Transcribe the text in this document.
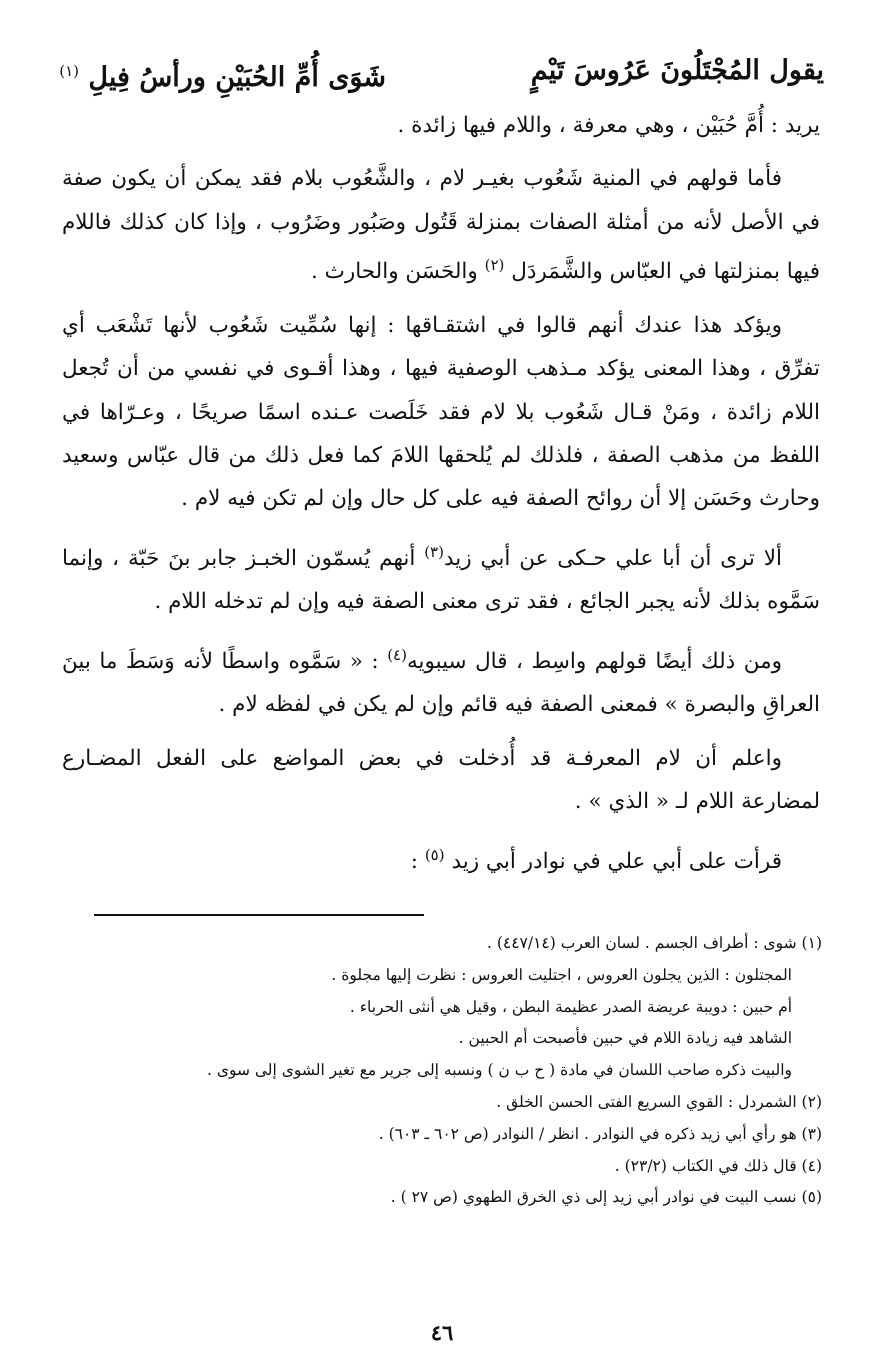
يقول المُجْتَلُونَ عَرُوسَ تَيْمٍ
شَوَى أُمِّ الحُبَيْنِ ورأسُ فِيلِ $^{(١)}$

يريد : أُمَّ حُبَيْن ، وهي معرفة ، واللام فيها زائدة .

فأما قولهم في المنية شَعُوب بغيـر لام ، والشَّعُوب بلام فقد يمكن أن يكون صفة في الأصل لأنه من أمثلة الصفات بمنزلة قَتُول وصَبُور وضَرُوب ، وإذا كان كذلك فاللام فيها بمنزلتها في العبّاس والشَّمَردَل $^{(٢)}$ والحَسَن والحارث .

ويؤكد هذا عندك أنهم قالوا في اشتقـاقها : إنها سُمِّيت شَعُوب لأنها تَشْعَب أي تفرِّق ، وهذا المعنى يؤكد مـذهب الوصفية فيها ، وهذا أقـوى في نفسي من أن تُجعل اللام زائدة ، ومَنْ قـال شَعُوب بلا لام فقد خَلَصت عـنده اسمًا صريحًا ، وعـرّاها في اللفظ من مذهب الصفة ، فلذلك لم يُلحقها اللامَ كما فعل ذلك من قال عبّاس وسعيد وحارث وحَسَن إلا أن روائح الصفة فيه على كل حال وإن لم تكن فيه لام .

ألا ترى أن أبا علي حـكى عن أبي زيد$^{(٣)}$ أنهم يُسمّون الخبـز جابر بنَ حَبّة ، وإنما سَمَّوه بذلك لأنه يجبر الجائع ، فقد ترى معنى الصفة فيه وإن لم تدخله اللام .

ومن ذلك أيضًا قولهم واسِط ، قال سيبويه$^{(٤)}$ : « سَمَّوه واسطًا لأنه وَسَطَ ما بينَ العراقِ والبصرة » فمعنى الصفة فيه قائم وإن لم يكن في لفظه لام .

واعلم أن لام المعرفـة قد أُدخلت في بعض المواضع على الفعل المضـارع لمضارعة اللام لـ « الذي » .

قرأت على أبي علي في نوادر أبي زيد $^{(٥)}$ :

(١) شوى : أطراف الجسم . لسان العرب (٤٤٧/١٤) .

المجتلون : الذين يجلون العروس ، اجتليت العروس : نظرت إليها مجلوة .

أم حبين : دويبة عريضة الصدر عظيمة البطن ، وقيل هي أنثى الحرباء .

الشاهد فيه زيادة اللام في حبين فأصبحت أم الحبين .

والبيت ذكره صاحب اللسان في مادة ( ح ب ن ) ونسبه إلى جرير مع تغير الشوى إلى سوى .

(٢) الشمردل : القوي السريع الفتى الحسن الخلق .

(٣) هو رأي أبي زيد ذكره في النوادر . انظر / النوادر (ص ٦٠٢ ـ ٦٠٣) .

(٤) قال ذلك في الكتاب (٢٣/٢) .

(٥) نسب البيت في نوادر أبي زيد إلى ذي الخرق الطهوي (ص ٢٧ ) .

٤٦
